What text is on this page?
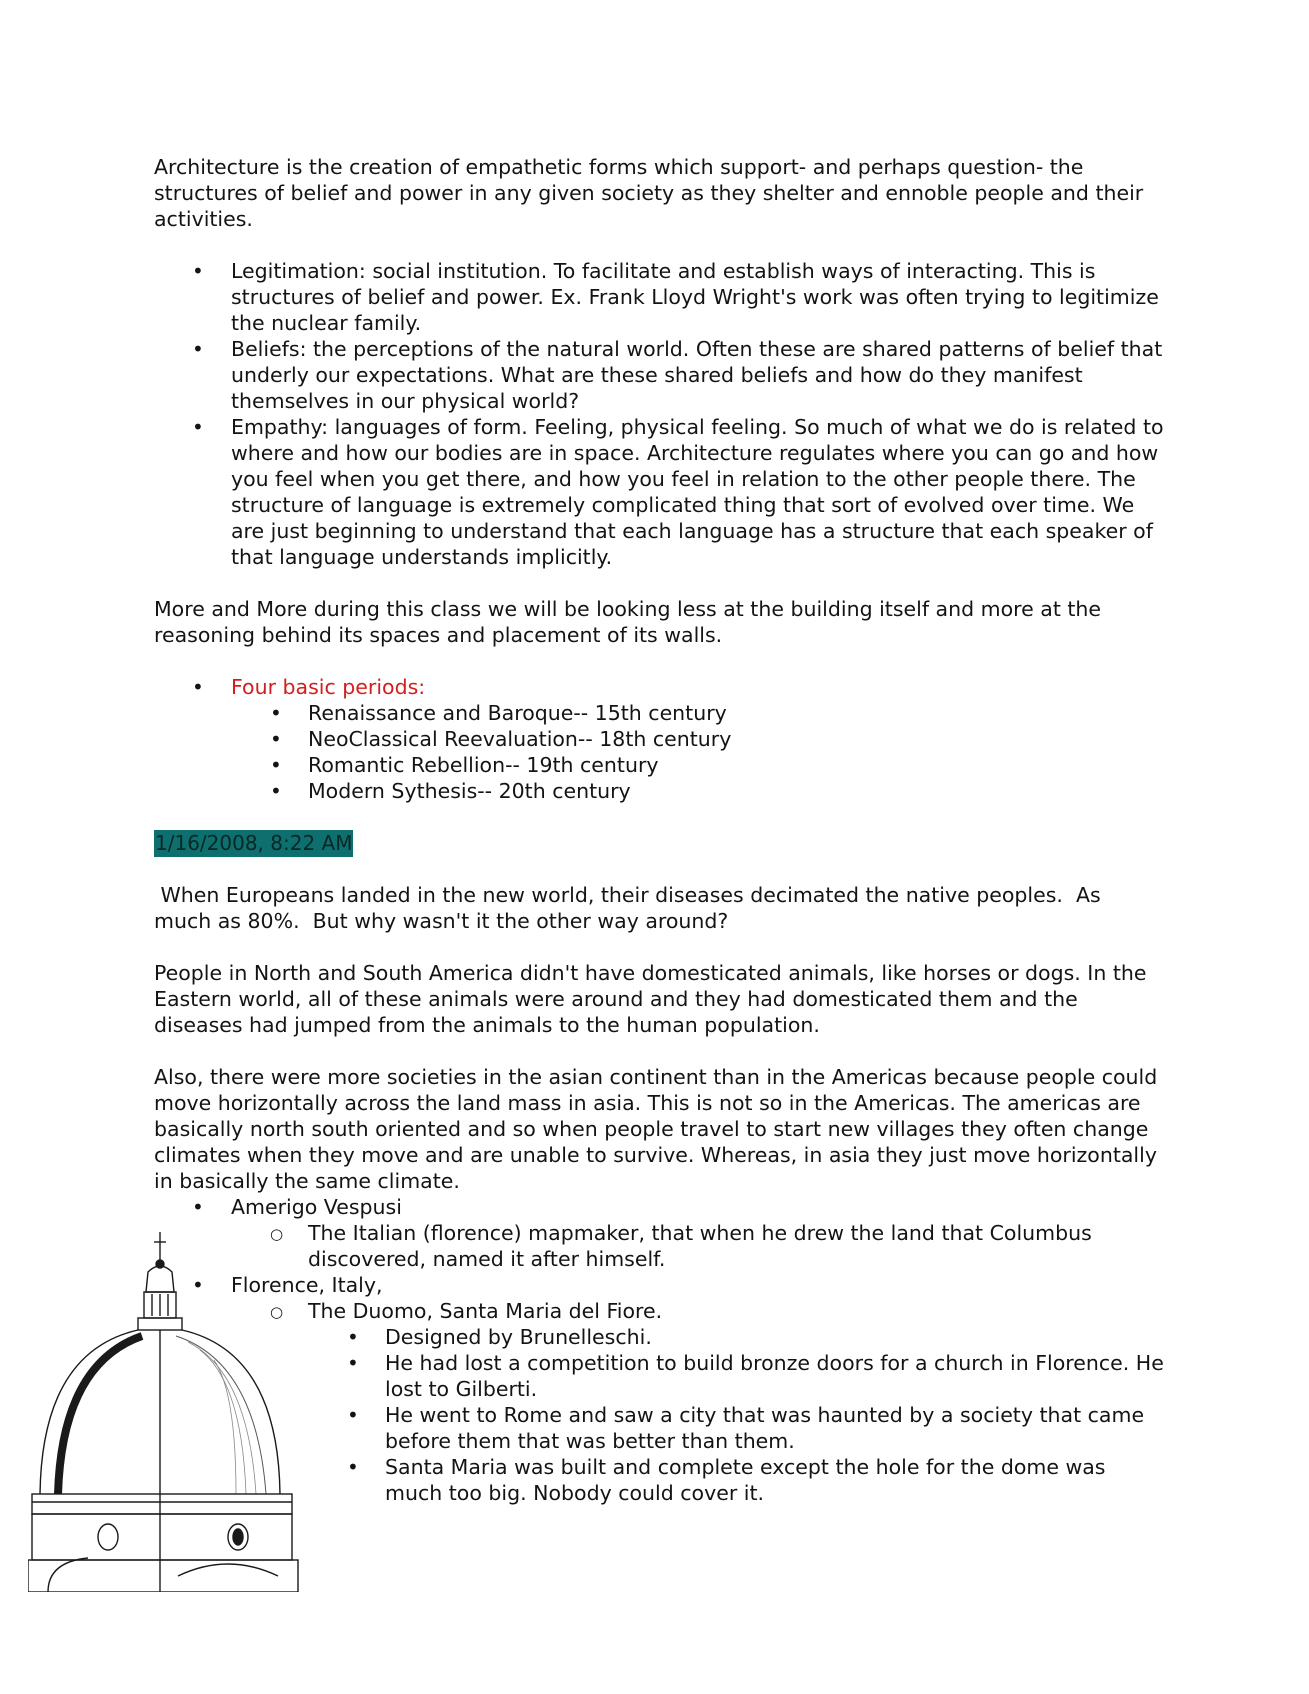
Architecture is the creation of empathetic forms which support- and perhaps question- the structures of belief and power in any given society as they shelter and ennoble people and their activities.

• Legitimation: social institution. To facilitate and establish ways of interacting. This is structures of belief and power. Ex. Frank Lloyd Wright's work was often trying to legitimize the nuclear family.
• Beliefs: the perceptions of the natural world. Often these are shared patterns of belief that underly our expectations. What are these shared beliefs and how do they manifest themselves in our physical world?
• Empathy: languages of form. Feeling, physical feeling. So much of what we do is related to where and how our bodies are in space. Architecture regulates where you can go and how you feel when you get there, and how you feel in relation to the other people there. The structure of language is extremely complicated thing that sort of evolved over time. We are just beginning to understand that each language has a structure that each speaker of that language understands implicitly.

More and More during this class we will be looking less at the building itself and more at the reasoning behind its spaces and placement of its walls.

• Four basic periods:
• Renaissance and Baroque-- 15th century
• NeoClassical Reevaluation-- 18th century
• Romantic Rebellion-- 19th century
• Modern Sythesis-- 20th century
1/16/2008, 8:22 AM

When Europeans landed in the new world, their diseases decimated the native peoples.  As much as 80%.  But why wasn't it the other way around?

People in North and South America didn't have domesticated animals, like horses or dogs. In the Eastern world, all of these animals were around and they had domesticated them and the diseases had jumped from the animals to the human population.

Also, there were more societies in the asian continent than in the Americas because people could move horizontally across the land mass in asia. This is not so in the Americas. The americas are basically north south oriented and so when people travel to start new villages they often change climates when they move and are unable to survive. Whereas, in asia they just move horizontally in basically the same climate.

• Amerigo Vespusi
○ The Italian (florence) mapmaker, that when he drew the land that Columbus discovered, named it after himself.
• Florence, Italy,
○ The Duomo, Santa Maria del Fiore.
• Designed by Brunelleschi.
• He had lost a competition to build bronze doors for a church in Florence. He lost to Gilberti.
• He went to Rome and saw a city that was haunted by a society that came before them that was better than them.
• Santa Maria was built and complete except the hole for the dome was much too big. Nobody could cover it.
